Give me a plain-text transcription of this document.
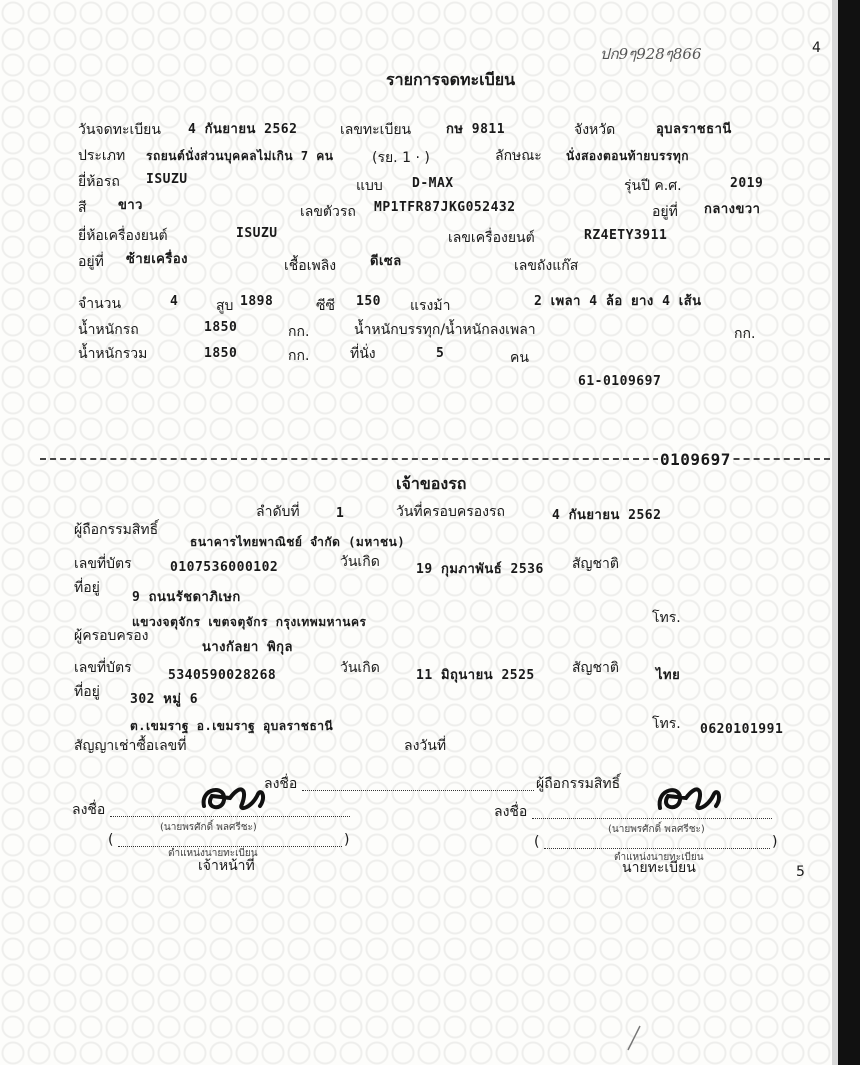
ปก9ๆ928ๆ866	4
รายการจดทะเบียน
วันจดทะเบียน 4 กันยายน 2562	เลขทะเบียน	กษ 9811	จังหวัด	อุบลราชธานี
ประเภท รถยนต์นั่งส่วนบุคคลไม่เกิน 7 คน	(รย. 1 · )	ลักษณะ นั่งสองตอนท้ายบรรทุก
ยี่ห้อรถ ISUZU	แบบ D-MAX	รุ่นปี ค.ศ.	2019
สี ขาว	เลขตัวรถ MP1TFR87JKG052432	อยู่ที่ กลางขวา
ยี่ห้อเครื่องยนต์	ISUZU	เลขเครื่องยนต์	RZ4ETY3911
อยู่ที่ ซ้ายเครื่อง	เชื้อเพลิง	ดีเซล	เลขถังแก๊ส
จำนวน	4	สูบ 1898	ซีซี 150 แรงม้า	2 เพลา 4 ล้อ ยาง 4 เส้น
น้ำหนักรถ	1850	กก.	น้ำหนักบรรทุก/น้ำหนักลงเพลา	กก.
น้ำหนักรวม	1850	กก.	ที่นั่ง	5	คน
61-0109697
0109697
เจ้าของรถ
ลำดับที่	1	วันที่ครอบครองรถ	4 กันยายน 2562
ผู้ถือกรรมสิทธิ์
ธนาคารไทยพาณิชย์ จำกัด (มหาชน)
เลขที่บัตร	0107536000102	วันเกิด	19 กุมภาพันธ์ 2536 สัญชาติ
ที่อยู่
9 ถนนรัชดาภิเษก
แขวงจตุจักร เขตจตุจักร กรุงเทพมหานคร	โทร.
ผู้ครอบครอง
นางกัลยา พิกุล
เลขที่บัตร	5340590028268	วันเกิด	11 มิถุนายน 2525	สัญชาติ	ไทย
ที่อยู่ 302 หมู่ 6
ต.เขมราฐ อ.เขมราฐ อุบลราชธานี	โทร. 0620101991
สัญญาเช่าซื้อเลขที่	ลงวันที่
ลงชื่อ	ผู้ถือกรรมสิทธิ์
ลงชื่อ
(นายพรศักดิ์ พลศรีชะ)
(	)
ตำแหน่งนายทะเบียน
เจ้าหน้าที่
ลงชื่อ
(นายพรศักดิ์ พลศรีชะ)
(	)
ตำแหน่งนายทะเบียน
นายทะเบียน	5
